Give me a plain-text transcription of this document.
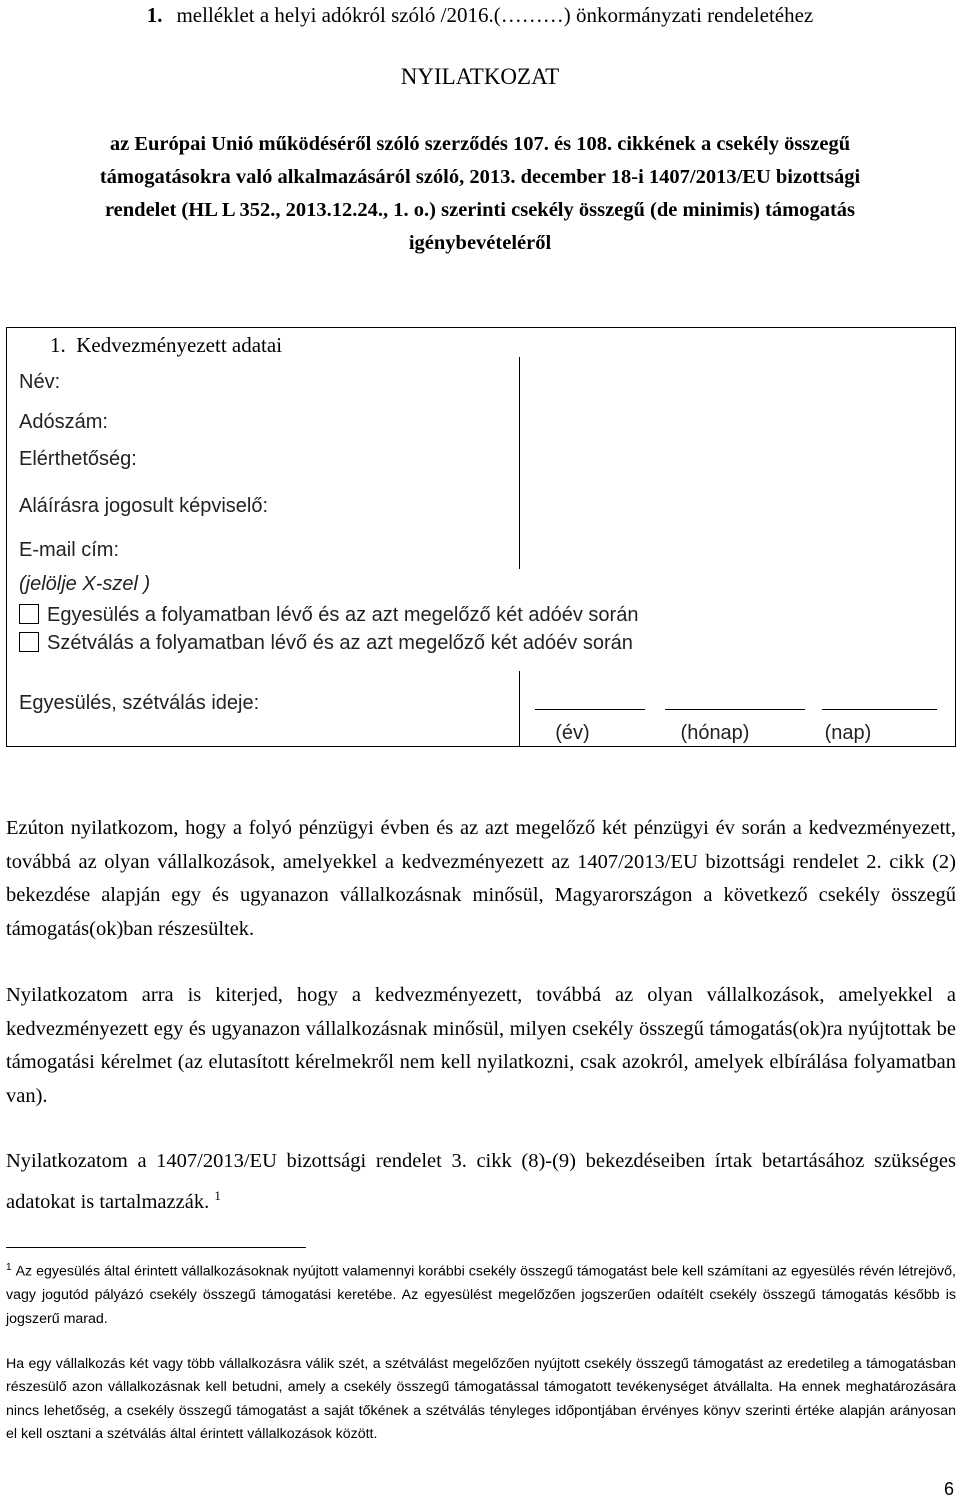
1. melléklet a helyi adókról szóló /2016.(………) önkormányzati rendeletéhez
NYILATKOZAT
az Európai Unió működéséről szóló szerződés 107. és 108. cikkének a csekély összegű
támogatásokra való alkalmazásáról szóló, 2013. december 18-i 1407/2013/EU bizottsági
rendelet (HL L 352., 2013.12.24., 1. o.) szerinti csekély összegű (de minimis) támogatás
igénybevételéről
1.  Kedvezményezett adatai
Név:
Adószám:
Elérthetőség:
Aláírásra jogosult képviselő:
E-mail cím:
(jelölje X-szel )
Egyesülés a folyamatban lévő és az azt megelőző két adóév során
Szétválás a folyamatban lévő és az azt megelőző két adóév során
Egyesülés, szétválás ideje:
(év)	(hónap)	(nap)

Ezúton nyilatkozom, hogy a folyó pénzügyi évben és az azt megelőző két pénzügyi év során a kedvezményezett, továbbá az olyan vállalkozások, amelyekkel a kedvezményezett az 1407/2013/EU bizottsági rendelet 2. cikk (2) bekezdése alapján egy és ugyanazon vállalkozásnak minősül, Magyarországon a következő csekély összegű támogatás(ok)ban részesültek.

Nyilatkozatom arra is kiterjed, hogy a kedvezményezett, továbbá az olyan vállalkozások, amelyekkel a kedvezményezett egy és ugyanazon vállalkozásnak minősül, milyen csekély összegű támogatás(ok)ra nyújtottak be támogatási kérelmet (az elutasított kérelmekről nem kell nyilatkozni, csak azokról, amelyek elbírálása folyamatban van).

Nyilatkozatom a 1407/2013/EU bizottsági rendelet 3. cikk (8)-(9) bekezdéseiben írtak betartásához szükséges adatokat is tartalmazzák. $^1$

$^1$ Az egyesülés által érintett vállalkozásoknak nyújtott valamennyi korábbi csekély összegű támogatást bele kell számítani az egyesülés révén létrejövő, vagy jogutód pályázó csekély összegű támogatási keretébe. Az egyesülést megelőzően jogszerűen odaítélt csekély összegű támogatás később is jogszerű marad.
Ha egy vállalkozás két vagy több vállalkozásra válik szét, a szétválást megelőzően nyújtott csekély összegű támogatást az eredetileg a támogatásban részesülő azon vállalkozásnak kell betudni, amely a csekély összegű támogatással támogatott tevékenységet átvállalta. Ha ennek meghatározására nincs lehetőség, a csekély összegű támogatást a saját tőkének a szétválás tényleges időpontjában érvényes könyv szerinti értéke alapján arányosan el kell osztani a szétválás által érintett vállalkozások között.
6
